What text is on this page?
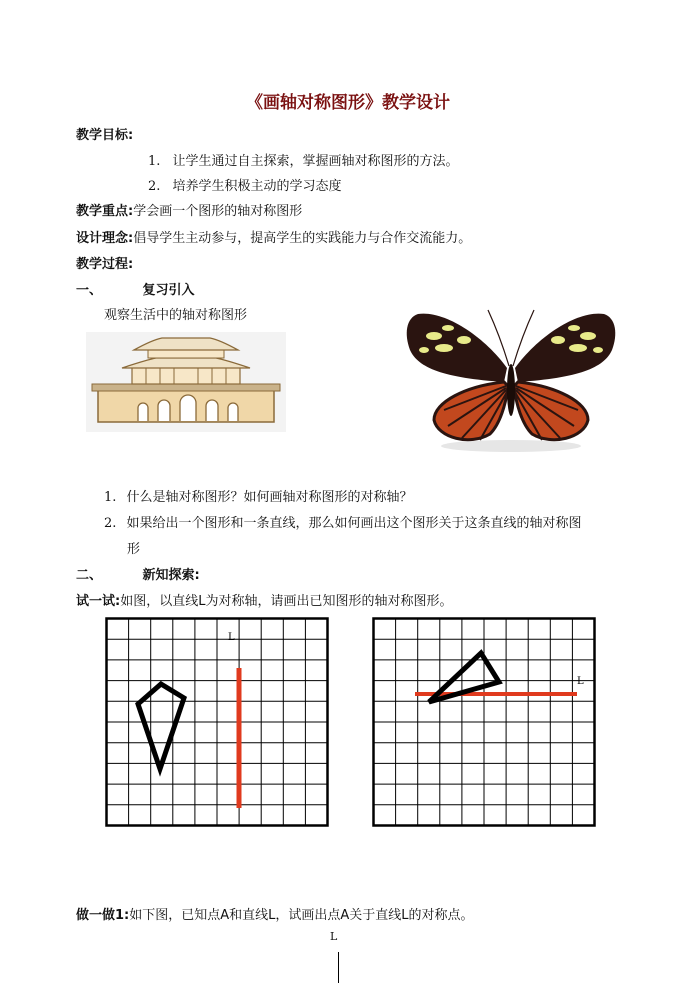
《画轴对称图形》教学设计
教学目标:
1. 让学生通过自主探索，掌握画轴对称图形的方法。
2. 培养学生积极主动的学习态度
教学重点:学会画一个图形的轴对称图形
设计理念:倡导学生主动参与，提高学生的实践能力与合作交流能力。
教学过程:
一、	复习引入
观察生活中的轴对称图形
1. 什么是轴对称图形？如何画轴对称图形的对称轴？
2. 如果给出一个图形和一条直线，那么如何画出这个图形关于这条直线的轴对称图
形
二、	新知探索:
试一试:如图，以直线L为对称轴，请画出已知图形的轴对称图形。
L
L
做一做1:如下图，已知点A和直线L，试画出点A关于直线L的对称点。
L
